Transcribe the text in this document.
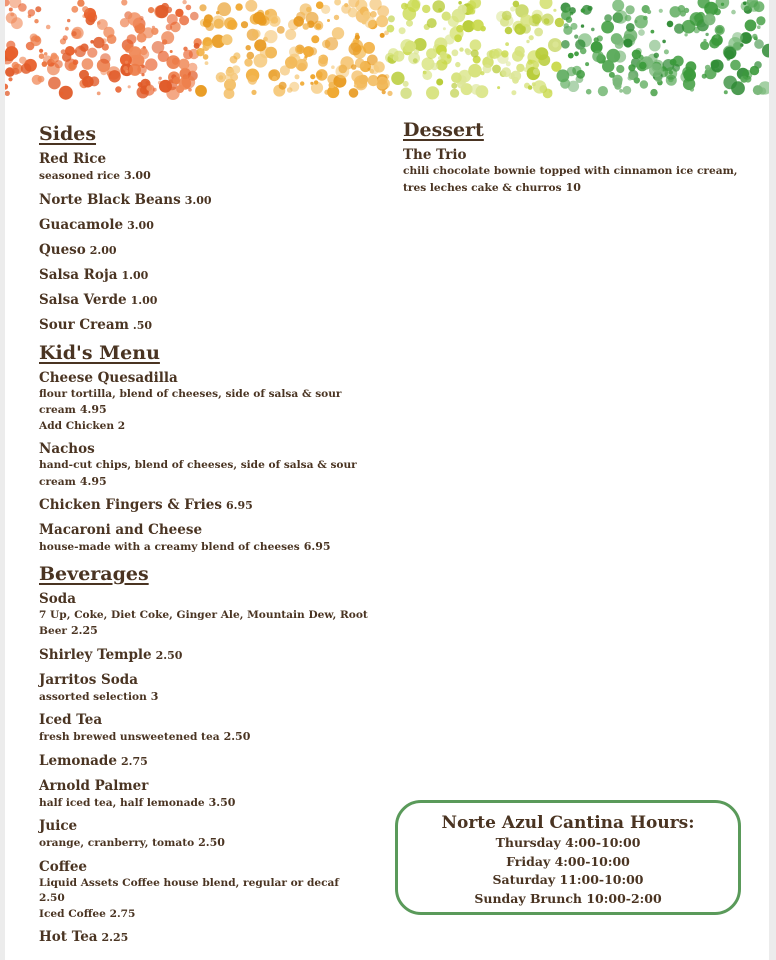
Sides
Red Rice
seasoned rice 3.00
Norte Black Beans 3.00
Guacamole 3.00
Queso 2.00
Salsa Roja 1.00
Salsa Verde 1.00
Sour Cream .50
Kid's Menu
Cheese Quesadilla
flour tortilla, blend of cheeses, side of salsa & sour cream 4.95
Add Chicken 2
Nachos
hand-cut chips, blend of cheeses, side of salsa & sour cream 4.95
Chicken Fingers & Fries 6.95
Macaroni and Cheese
house-made with a creamy blend of cheeses 6.95
Beverages
Soda
7 Up, Coke, Diet Coke, Ginger Ale, Mountain Dew, Root Beer 2.25
Shirley Temple 2.50
Jarritos Soda
assorted selection 3
Iced Tea
fresh brewed unsweetened tea 2.50
Lemonade 2.75
Arnold Palmer
half iced tea, half lemonade 3.50
Juice
orange, cranberry, tomato 2.50
Coffee
Liquid Assets Coffee house blend, regular or decaf
2.50
Iced Coffee 2.75
Hot Tea 2.25
Dessert
The Trio
chili chocolate bownie topped with cinnamon ice cream, tres leches cake & churros 10
Norte Azul Cantina Hours:
Thursday 4:00-10:00
Friday 4:00-10:00
Saturday 11:00-10:00
Sunday Brunch 10:00-2:00
